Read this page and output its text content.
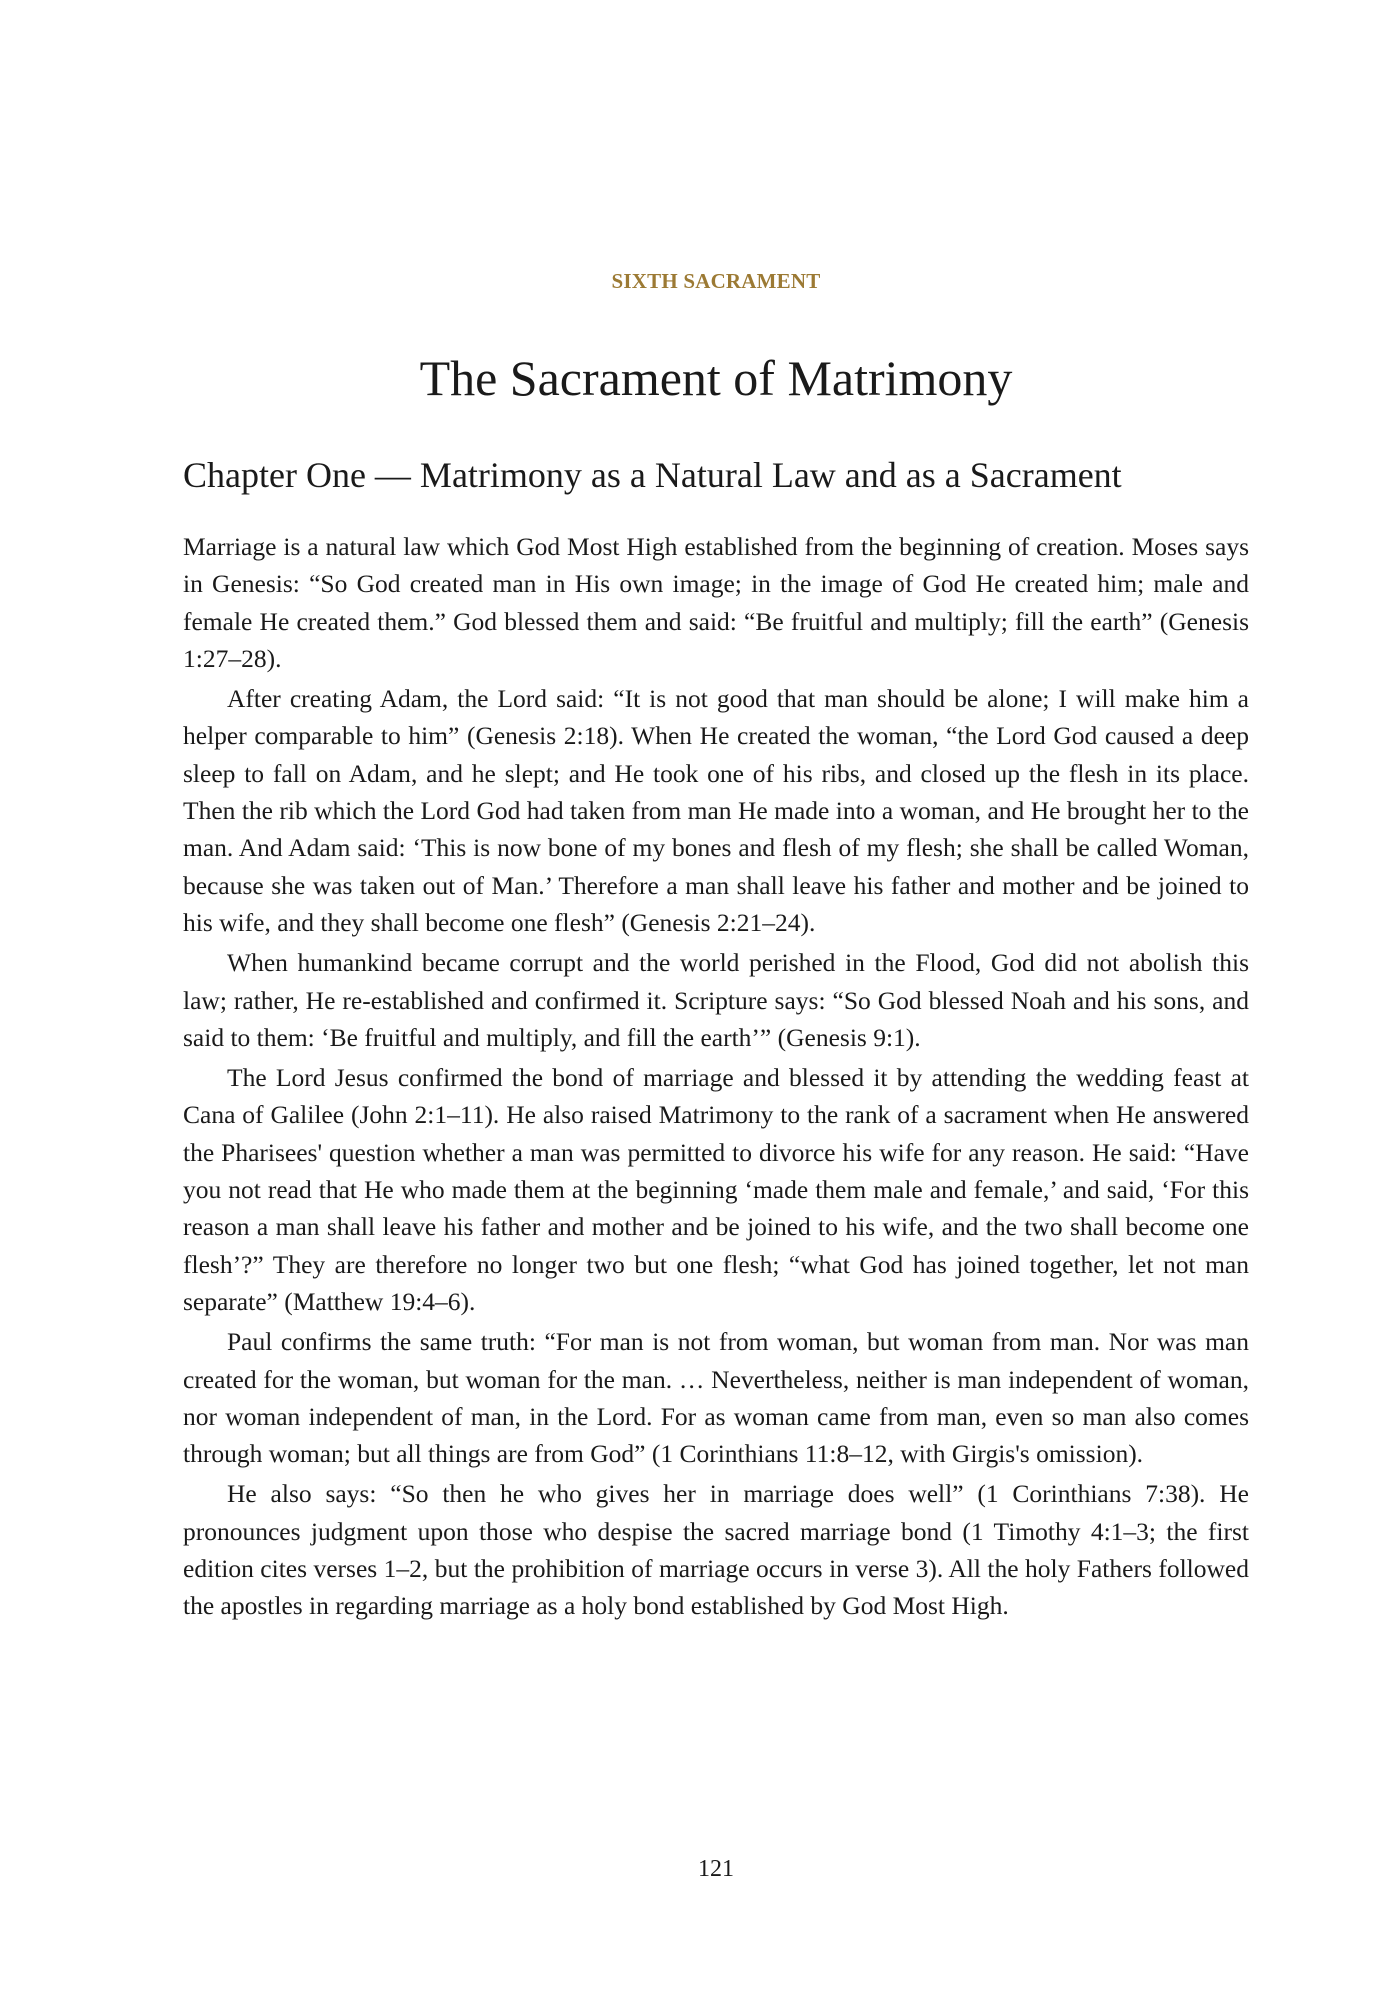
SIXTH SACRAMENT
The Sacrament of Matrimony
Chapter One — Matrimony as a Natural Law and as a Sacrament

Marriage is a natural law which God Most High established from the beginning of creation. Moses says in Genesis: “So God created man in His own image; in the image of God He created him; male and female He created them.” God blessed them and said: “Be fruitful and multiply; fill the earth” (Genesis 1:27–28).

After creating Adam, the Lord said: “It is not good that man should be alone; I will make him a helper comparable to him” (Genesis 2:18). When He created the woman, “the Lord God caused a deep sleep to fall on Adam, and he slept; and He took one of his ribs, and closed up the flesh in its place. Then the rib which the Lord God had taken from man He made into a woman, and He brought her to the man. And Adam said: ‘This is now bone of my bones and flesh of my flesh; she shall be called Woman, because she was taken out of Man.’ Therefore a man shall leave his father and mother and be joined to his wife, and they shall become one flesh” (Genesis 2:21–24).

When humankind became corrupt and the world perished in the Flood, God did not abolish this law; rather, He re-established and confirmed it. Scripture says: “So God blessed Noah and his sons, and said to them: ‘Be fruitful and multiply, and fill the earth’” (Genesis 9:1).

The Lord Jesus confirmed the bond of marriage and blessed it by attending the wedding feast at Cana of Galilee (John 2:1–11). He also raised Matrimony to the rank of a sacrament when He answered the Pharisees' question whether a man was permitted to divorce his wife for any reason. He said: “Have you not read that He who made them at the beginning ‘made them male and female,’ and said, ‘For this reason a man shall leave his father and mother and be joined to his wife, and the two shall become one flesh’?” They are therefore no longer two but one flesh; “what God has joined together, let not man separate” (Matthew 19:4–6).

Paul confirms the same truth: “For man is not from woman, but woman from man. Nor was man created for the woman, but woman for the man. … Nevertheless, neither is man independent of woman, nor woman independent of man, in the Lord. For as woman came from man, even so man also comes through woman; but all things are from God” (1 Corinthians 11:8–12, with Girgis's omission).

He also says: “So then he who gives her in marriage does well” (1 Corinthians 7:38). He pronounces judgment upon those who despise the sacred marriage bond (1 Timothy 4:1–3; the first edition cites verses 1–2, but the prohibition of marriage occurs in verse 3). All the holy Fathers followed the apostles in regarding marriage as a holy bond established by God Most High.

121
